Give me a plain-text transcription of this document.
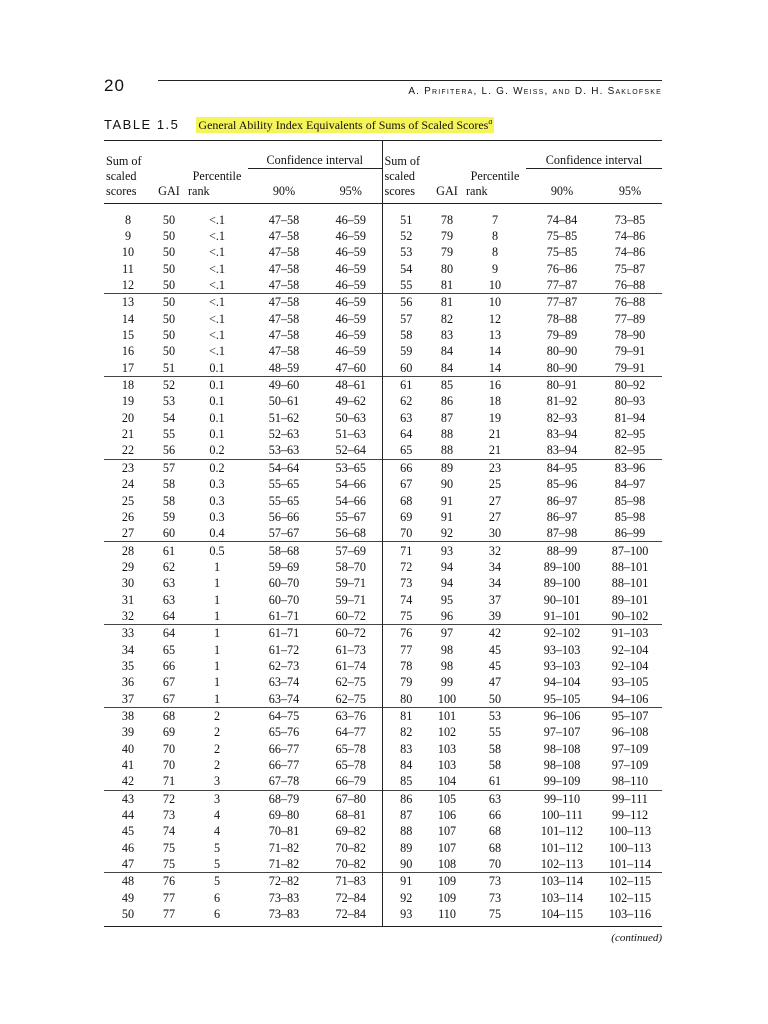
20	A. Prifitera, L. G. Weiss, and D. H. Saklofske
TABLE 1.5 General Ability Index Equivalents of Sums of Scaled Scores$^a$
Sum of			Confidence interval		Sum of			Confidence interval	
scaled		Percentile			scaled		Percentile		
scores	GAI	rank	90%	95%	scores	GAI	rank	90%	95%
8	50	<.1	47–58	46–59	51	78	7	74–84	73–85
9	50	<.1	47–58	46–59	52	79	8	75–85	74–86
10	50	<.1	47–58	46–59	53	79	8	75–85	74–86
11	50	<.1	47–58	46–59	54	80	9	76–86	75–87
12	50	<.1	47–58	46–59	55	81	10	77–87	76–88
13	50	<.1	47–58	46–59	56	81	10	77–87	76–88
14	50	<.1	47–58	46–59	57	82	12	78–88	77–89
15	50	<.1	47–58	46–59	58	83	13	79–89	78–90
16	50	<.1	47–58	46–59	59	84	14	80–90	79–91
17	51	0.1	48–59	47–60	60	84	14	80–90	79–91
18	52	0.1	49–60	48–61	61	85	16	80–91	80–92
19	53	0.1	50–61	49–62	62	86	18	81–92	80–93
20	54	0.1	51–62	50–63	63	87	19	82–93	81–94
21	55	0.1	52–63	51–63	64	88	21	83–94	82–95
22	56	0.2	53–63	52–64	65	88	21	83–94	82–95
23	57	0.2	54–64	53–65	66	89	23	84–95	83–96
24	58	0.3	55–65	54–66	67	90	25	85–96	84–97
25	58	0.3	55–65	54–66	68	91	27	86–97	85–98
26	59	0.3	56–66	55–67	69	91	27	86–97	85–98
27	60	0.4	57–67	56–68	70	92	30	87–98	86–99
28	61	0.5	58–68	57–69	71	93	32	88–99	87–100
29	62	1	59–69	58–70	72	94	34	89–100	88–101
30	63	1	60–70	59–71	73	94	34	89–100	88–101
31	63	1	60–70	59–71	74	95	37	90–101	89–101
32	64	1	61–71	60–72	75	96	39	91–101	90–102
33	64	1	61–71	60–72	76	97	42	92–102	91–103
34	65	1	61–72	61–73	77	98	45	93–103	92–104
35	66	1	62–73	61–74	78	98	45	93–103	92–104
36	67	1	63–74	62–75	79	99	47	94–104	93–105
37	67	1	63–74	62–75	80	100	50	95–105	94–106
38	68	2	64–75	63–76	81	101	53	96–106	95–107
39	69	2	65–76	64–77	82	102	55	97–107	96–108
40	70	2	66–77	65–78	83	103	58	98–108	97–109
41	70	2	66–77	65–78	84	103	58	98–108	97–109
42	71	3	67–78	66–79	85	104	61	99–109	98–110
43	72	3	68–79	67–80	86	105	63	99–110	99–111
44	73	4	69–80	68–81	87	106	66	100–111	99–112
45	74	4	70–81	69–82	88	107	68	101–112	100–113
46	75	5	71–82	70–82	89	107	68	101–112	100–113
47	75	5	71–82	70–82	90	108	70	102–113	101–114
48	76	5	72–82	71–83	91	109	73	103–114	102–115
49	77	6	73–83	72–84	92	109	73	103–114	102–115
50	77	6	73–83	72–84	93	110	75	104–115	103–116
(continued)
